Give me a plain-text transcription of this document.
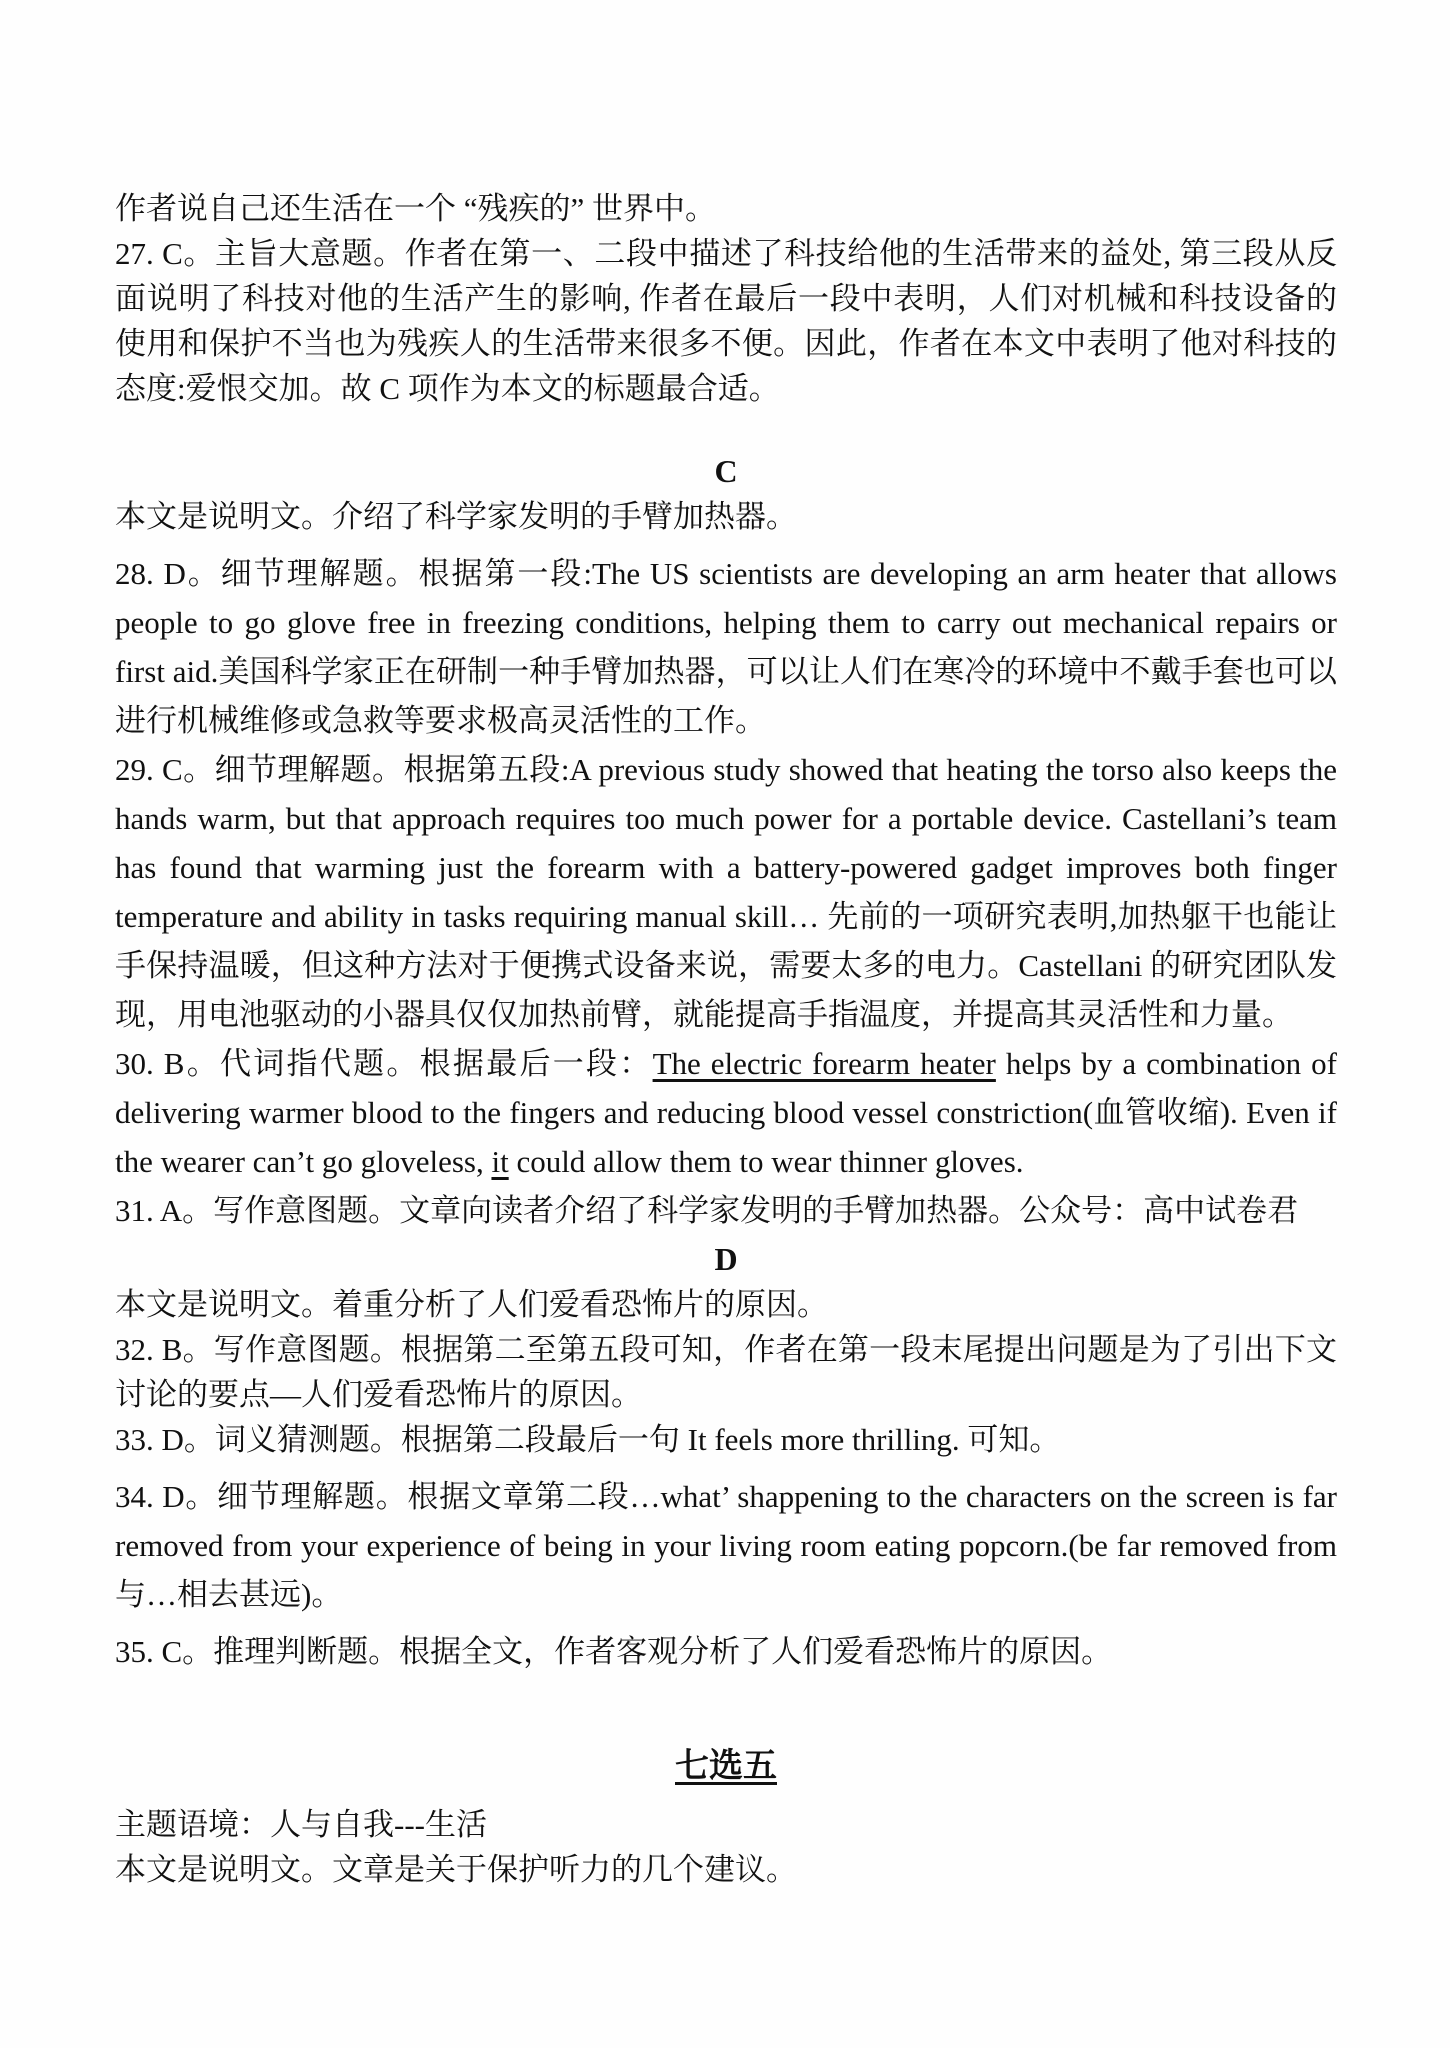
作者说自己还生活在一个 “残疾的” 世界中。

27. C。主旨大意题。作者在第一、二段中描述了科技给他的生活带来的益处, 第三段从反面说明了科技对他的生活产生的影响, 作者在最后一段中表明，人们对机械和科技设备的使用和保护不当也为残疾人的生活带来很多不便。因此，作者在本文中表明了他对科技的态度:爱恨交加。故 C 项作为本文的标题最合适。

C

本文是说明文。介绍了科学家发明的手臂加热器。

28. D。细节理解题。根据第一段:The US scientists are developing an arm heater that allows people to go glove free in freezing conditions, helping them to carry out mechanical repairs or first aid.美国科学家正在研制一种手臂加热器，可以让人们在寒冷的环境中不戴手套也可以进行机械维修或急救等要求极高灵活性的工作。

29. C。细节理解题。根据第五段:A previous study showed that heating the torso also keeps the hands warm, but that approach requires too much power for a portable device. Castellani’s team has found that warming just the forearm with a battery-powered gadget improves both finger temperature and ability in tasks requiring manual skill… 先前的一项研究表明,加热躯干也能让手保持温暖，但这种方法对于便携式设备来说，需要太多的电力。Castellani 的研究团队发现，用电池驱动的小器具仅仅加热前臂，就能提高手指温度，并提高其灵活性和力量。

30. B。代词指代题。根据最后一段：The electric forearm heater helps by a combination of delivering warmer blood to the fingers and reducing blood vessel constriction(血管收缩). Even if the wearer can’t go gloveless, it could allow them to wear thinner gloves.

31. A。写作意图题。文章向读者介绍了科学家发明的手臂加热器。公众号：高中试卷君

D

本文是说明文。着重分析了人们爱看恐怖片的原因。

32. B。写作意图题。根据第二至第五段可知，作者在第一段末尾提出问题是为了引出下文讨论的要点—人们爱看恐怖片的原因。

33. D。词义猜测题。根据第二段最后一句 It feels more thrilling. 可知。

34. D。细节理解题。根据文章第二段…what’ shappening to the characters on the screen is far removed from your experience of being in your living room eating popcorn.(be far removed from 与…相去甚远)。

35. C。推理判断题。根据全文，作者客观分析了人们爱看恐怖片的原因。

七选五

主题语境：人与自我---生活

本文是说明文。文章是关于保护听力的几个建议。
